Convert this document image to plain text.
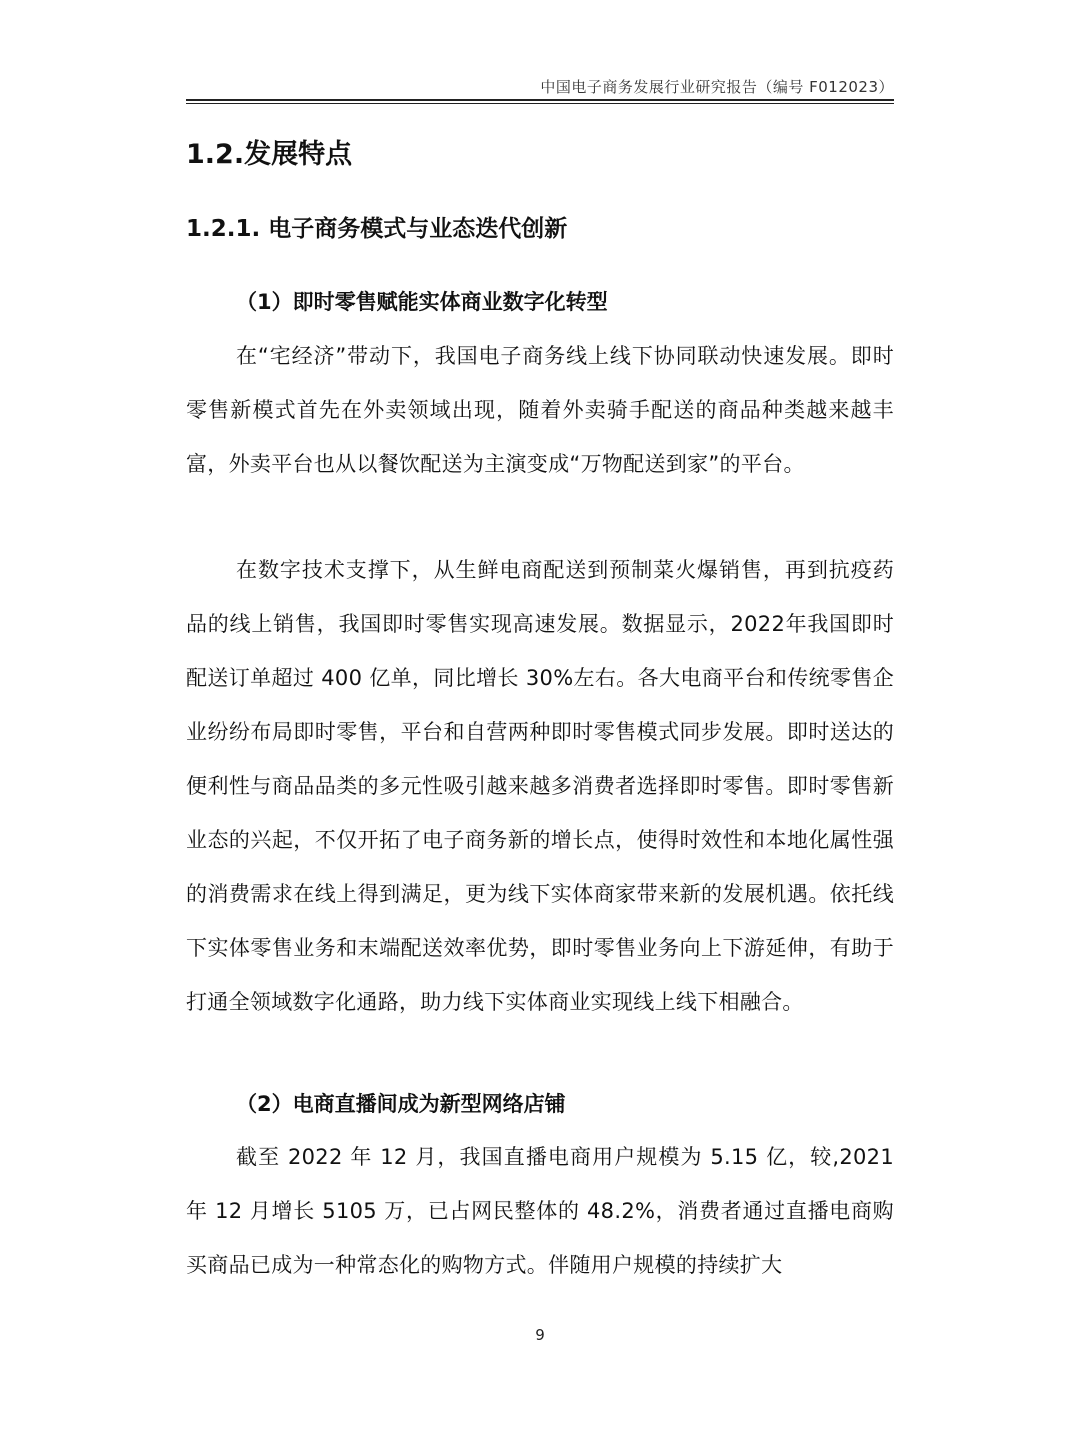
中国电子商务发展行业研究报告（编号 F012023）
1.2.发展特点
1.2.1. 电子商务模式与业态迭代创新
（1）即时零售赋能实体商业数字化转型

在“宅经济”带动下，我国电子商务线上线下协同联动快速发展。即时零售新模式首先在外卖领域出现，随着外卖骑手配送的商品种类越来越丰富，外卖平台也从以餐饮配送为主演变成“万物配送到家”的平台。

在数字技术支撑下，从生鲜电商配送到预制菜火爆销售，再到抗疫药品的线上销售，我国即时零售实现高速发展。数据显示，2022年我国即时配送订单超过 400 亿单，同比增长 30%左右。各大电商平台和传统零售企业纷纷布局即时零售，平台和自营两种即时零售模式同步发展。即时送达的便利性与商品品类的多元性吸引越来越多消费者选择即时零售。即时零售新业态的兴起，不仅开拓了电子商务新的增长点，使得时效性和本地化属性强的消费需求在线上得到满足，更为线下实体商家带来新的发展机遇。依托线下实体零售业务和末端配送效率优势，即时零售业务向上下游延伸，有助于打通全领域数字化通路，助力线下实体商业实现线上线下相融合。

（2）电商直播间成为新型网络店铺

截至 2022 年 12 月，我国直播电商用户规模为 5.15 亿，较,2021 年 12 月增长 5105 万，已占网民整体的 48.2%，消费者通过直播电商购买商品已成为一种常态化的购物方式。伴随用户规模的持续扩大

9
